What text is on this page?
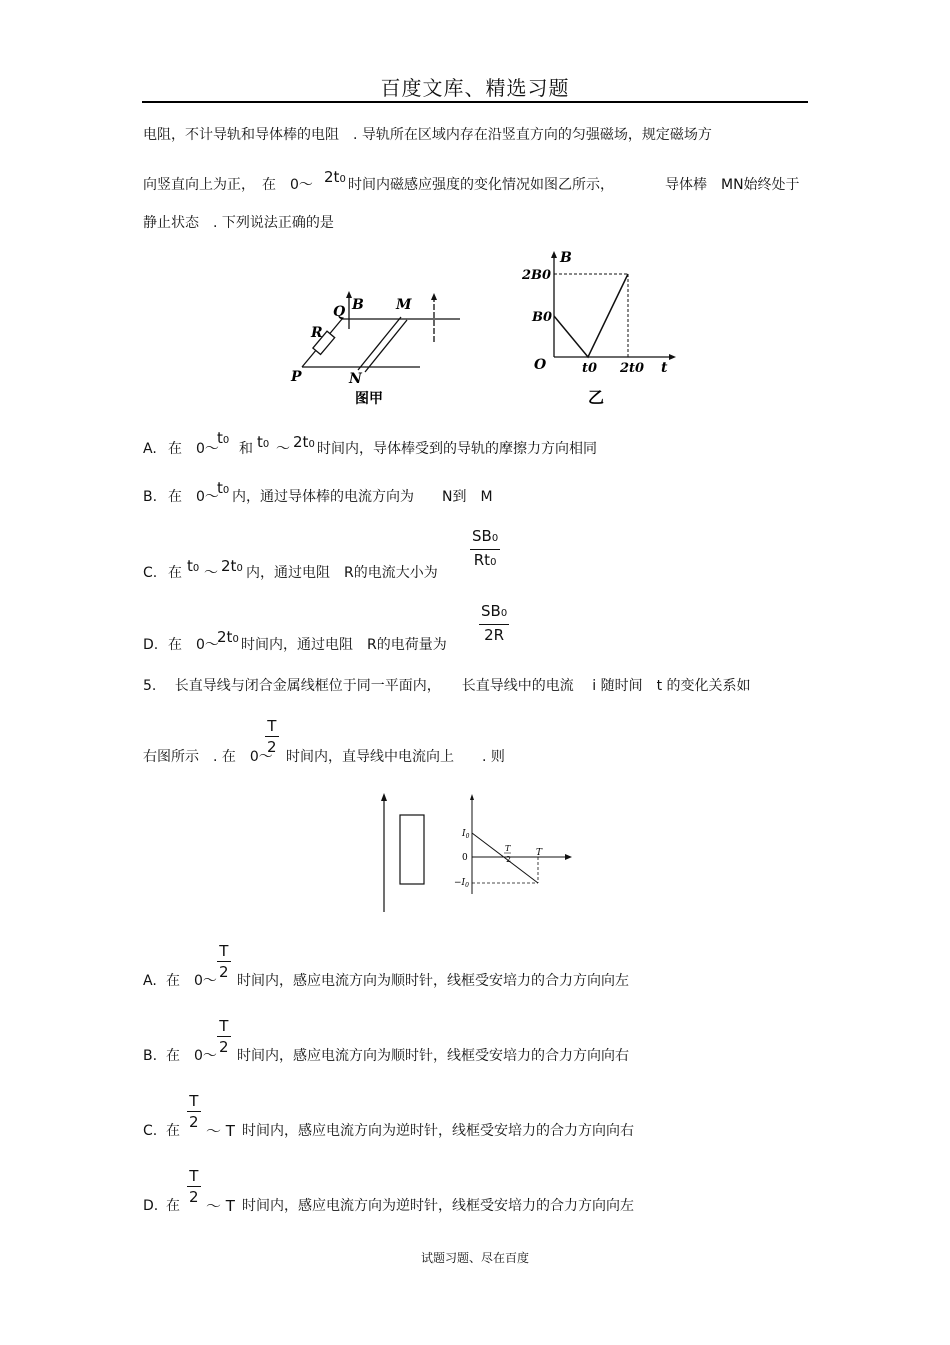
百度文库、精选习题
电阻，不计导轨和导体棒的电阻　. 导轨所在区域内存在沿竖直方向的匀强磁场，规定磁场方
向竖直向上为正，　在　0～ 2t0 时间内磁感应强度的变化情况如图乙所示，	导体棒　MN始终处于
静止状态　. 下列说法正确的是
B M
Q
R
P	N
图甲
B
2B0
B0
O	t0 2t0 t
乙
A. 在　0～
t0
和 t0 ～ 2t0 时间内，导体棒受到的导轨的摩擦力方向相同
B. 在　0～
t0 内，通过导体棒的电流方向为　　N到　M
C. 在 t0 ～ 2t0 内，通过电阻　R的电流大小为
SB0
Rt0
D. 在　0～
2t0 时间内，通过电阻　R的电荷量为
SB0
2R
5.　 长直导线与闭合金属线框位于同一平面内，　　长直导线中的电流　 i 随时间　t 的变化关系如
右图所示　. 在　0～
T
2
时间内，直导线中电流向上　　. 则
$I_0$
0
T
2
T
$-I_0$
A. 在　0～
T
2 时间内，感应电流方向为顺时针，线框受安培力的合力方向向左
B. 在　0～
T
2 时间内，感应电流方向为顺时针，线框受安培力的合力方向向右
C. 在
T
2 ～ T 时间内，感应电流方向为逆时针，线框受安培力的合力方向向右
D. 在
T
2 ～ T 时间内，感应电流方向为逆时针，线框受安培力的合力方向向左
试题习题、尽在百度
